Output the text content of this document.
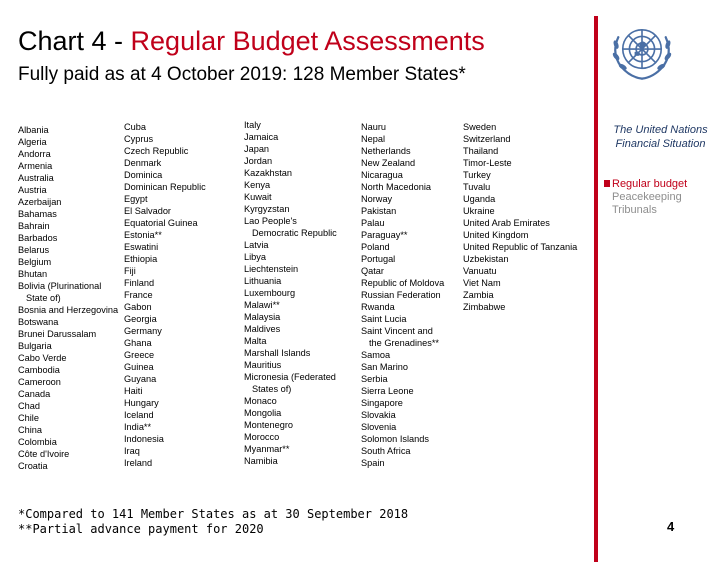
Chart 4 - Regular Budget Assessments
Fully paid as at 4 October 2019: 128 Member States*
Albania
Algeria
Andorra
Armenia
Australia
Austria
Azerbaijan
Bahamas
Bahrain
Barbados
Belarus
Belgium
Bhutan
Bolivia (Plurinational
State of)
Bosnia and Herzegovina
Botswana
Brunei Darussalam
Bulgaria
Cabo Verde
Cambodia
Cameroon
Canada
Chad
Chile
China
Colombia
Côte d'Ivoire
Croatia
Cuba
Cyprus
Czech Republic
Denmark
Dominica
Dominican Republic
Egypt
El Salvador
Equatorial Guinea
Estonia**
Eswatini
Ethiopia
Fiji
Finland
France
Gabon
Georgia
Germany
Ghana
Greece
Guinea
Guyana
Haiti
Hungary
Iceland
India**
Indonesia
Iraq
Ireland
Italy
Jamaica
Japan
Jordan
Kazakhstan
Kenya
Kuwait
Kyrgyzstan
Lao People's
Democratic Republic
Latvia
Libya
Liechtenstein
Lithuania
Luxembourg
Malawi**
Malaysia
Maldives
Malta
Marshall Islands
Mauritius
Micronesia (Federated
States of)
Monaco
Mongolia
Montenegro
Morocco
Myanmar**
Namibia
Nauru
Nepal
Netherlands
New Zealand
Nicaragua
North Macedonia
Norway
Pakistan
Palau
Paraguay**
Poland
Portugal
Qatar
Republic of Moldova
Russian Federation
Rwanda
Saint Lucia
Saint Vincent and
the Grenadines**
Samoa
San Marino
Serbia
Sierra Leone
Singapore
Slovakia
Slovenia
Solomon Islands
South Africa
Spain
Sweden
Switzerland
Thailand
Timor-Leste
Turkey
Tuvalu
Uganda
Ukraine
United Arab Emirates
United Kingdom
United Republic of Tanzania
Uzbekistan
Vanuatu
Viet Nam
Zambia
Zimbabwe
The United Nations
Financial Situation
Regular budget
Peacekeeping
Tribunals
*Compared to 141 Member States as at 30 September 2018
**Partial advance payment for 2020	4
